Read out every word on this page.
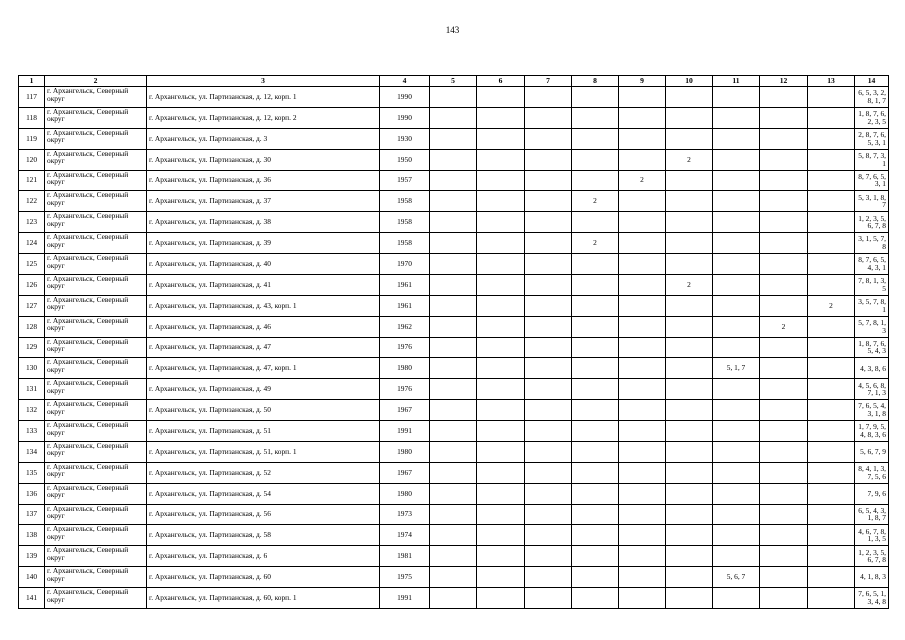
143
1	2	3	4	5	6	7	8	9	10	11	12	13	14
117	г. Архангельск, Северный округ	г. Архангельск, ул. Партизанская, д. 12, корп. 1	1990										6, 5, 3, 2, 8, 1, 7
118	г. Архангельск, Северный округ	г. Архангельск, ул. Партизанская, д. 12, корп. 2	1990										1, 8, 7, 6, 2, 3, 5
119	г. Архангельск, Северный округ	г. Архангельск, ул. Партизанская, д. 3	1930										2, 8, 7, 6, 5, 3, 1
120	г. Архангельск, Северный округ	г. Архангельск, ул. Партизанская, д. 30	1950						2				5, 8, 7, 3, 1
121	г. Архангельск, Северный округ	г. Архангельск, ул. Партизанская, д. 36	1957					2					8, 7, 6, 5, 3, 1
122	г. Архангельск, Северный округ	г. Архангельск, ул. Партизанская, д. 37	1958				2						5, 3, 1, 8, 7
123	г. Архангельск, Северный округ	г. Архангельск, ул. Партизанская, д. 38	1958										1, 2, 3, 5, 6, 7, 8
124	г. Архангельск, Северный округ	г. Архангельск, ул. Партизанская, д. 39	1958				2						3, 1, 5, 7, 8
125	г. Архангельск, Северный округ	г. Архангельск, ул. Партизанская, д. 40	1970										8, 7, 6, 5, 4, 3, 1
126	г. Архангельск, Северный округ	г. Архангельск, ул. Партизанская, д. 41	1961						2				7, 8, 1, 3, 5
127	г. Архангельск, Северный округ	г. Архангельск, ул. Партизанская, д. 43, корп. 1	1961									2	3, 5, 7, 8, 1
128	г. Архангельск, Северный округ	г. Архангельск, ул. Партизанская, д. 46	1962								2		5, 7, 8, 1, 3
129	г. Архангельск, Северный округ	г. Архангельск, ул. Партизанская, д. 47	1976										1, 8, 7, 6, 5, 4, 3
130	г. Архангельск, Северный округ	г. Архангельск, ул. Партизанская, д. 47, корп. 1	1980							5, 1, 7			4, 3, 8, 6
131	г. Архангельск, Северный округ	г. Архангельск, ул. Партизанская, д. 49	1976										4, 5, 6, 8, 7, 1, 3
132	г. Архангельск, Северный округ	г. Архангельск, ул. Партизанская, д. 50	1967										7, 6, 5, 4, 3, 1, 8
133	г. Архангельск, Северный округ	г. Архангельск, ул. Партизанская, д. 51	1991										1, 7, 9, 5, 4, 8, 3, 6
134	г. Архангельск, Северный округ	г. Архангельск, ул. Партизанская, д. 51, корп. 1	1980										5, 6, 7, 9
135	г. Архангельск, Северный округ	г. Архангельск, ул. Партизанская, д. 52	1967										8, 4, 1, 3, 7, 5, 6
136	г. Архангельск, Северный округ	г. Архангельск, ул. Партизанская, д. 54	1980										7, 9, 6
137	г. Архангельск, Северный округ	г. Архангельск, ул. Партизанская, д. 56	1973										6, 5, 4, 3, 1, 8, 7
138	г. Архангельск, Северный округ	г. Архангельск, ул. Партизанская, д. 58	1974										4, 6, 7, 8, 1, 3, 5
139	г. Архангельск, Северный округ	г. Архангельск, ул. Партизанская, д. 6	1981										1, 2, 3, 5, 6, 7, 8
140	г. Архангельск, Северный округ	г. Архангельск, ул. Партизанская, д. 60	1975							5, 6, 7			4, 1, 8, 3
141	г. Архангельск, Северный округ	г. Архангельск, ул. Партизанская, д. 60, корп. 1	1991										7, 6, 5, 1, 3, 4, 8
